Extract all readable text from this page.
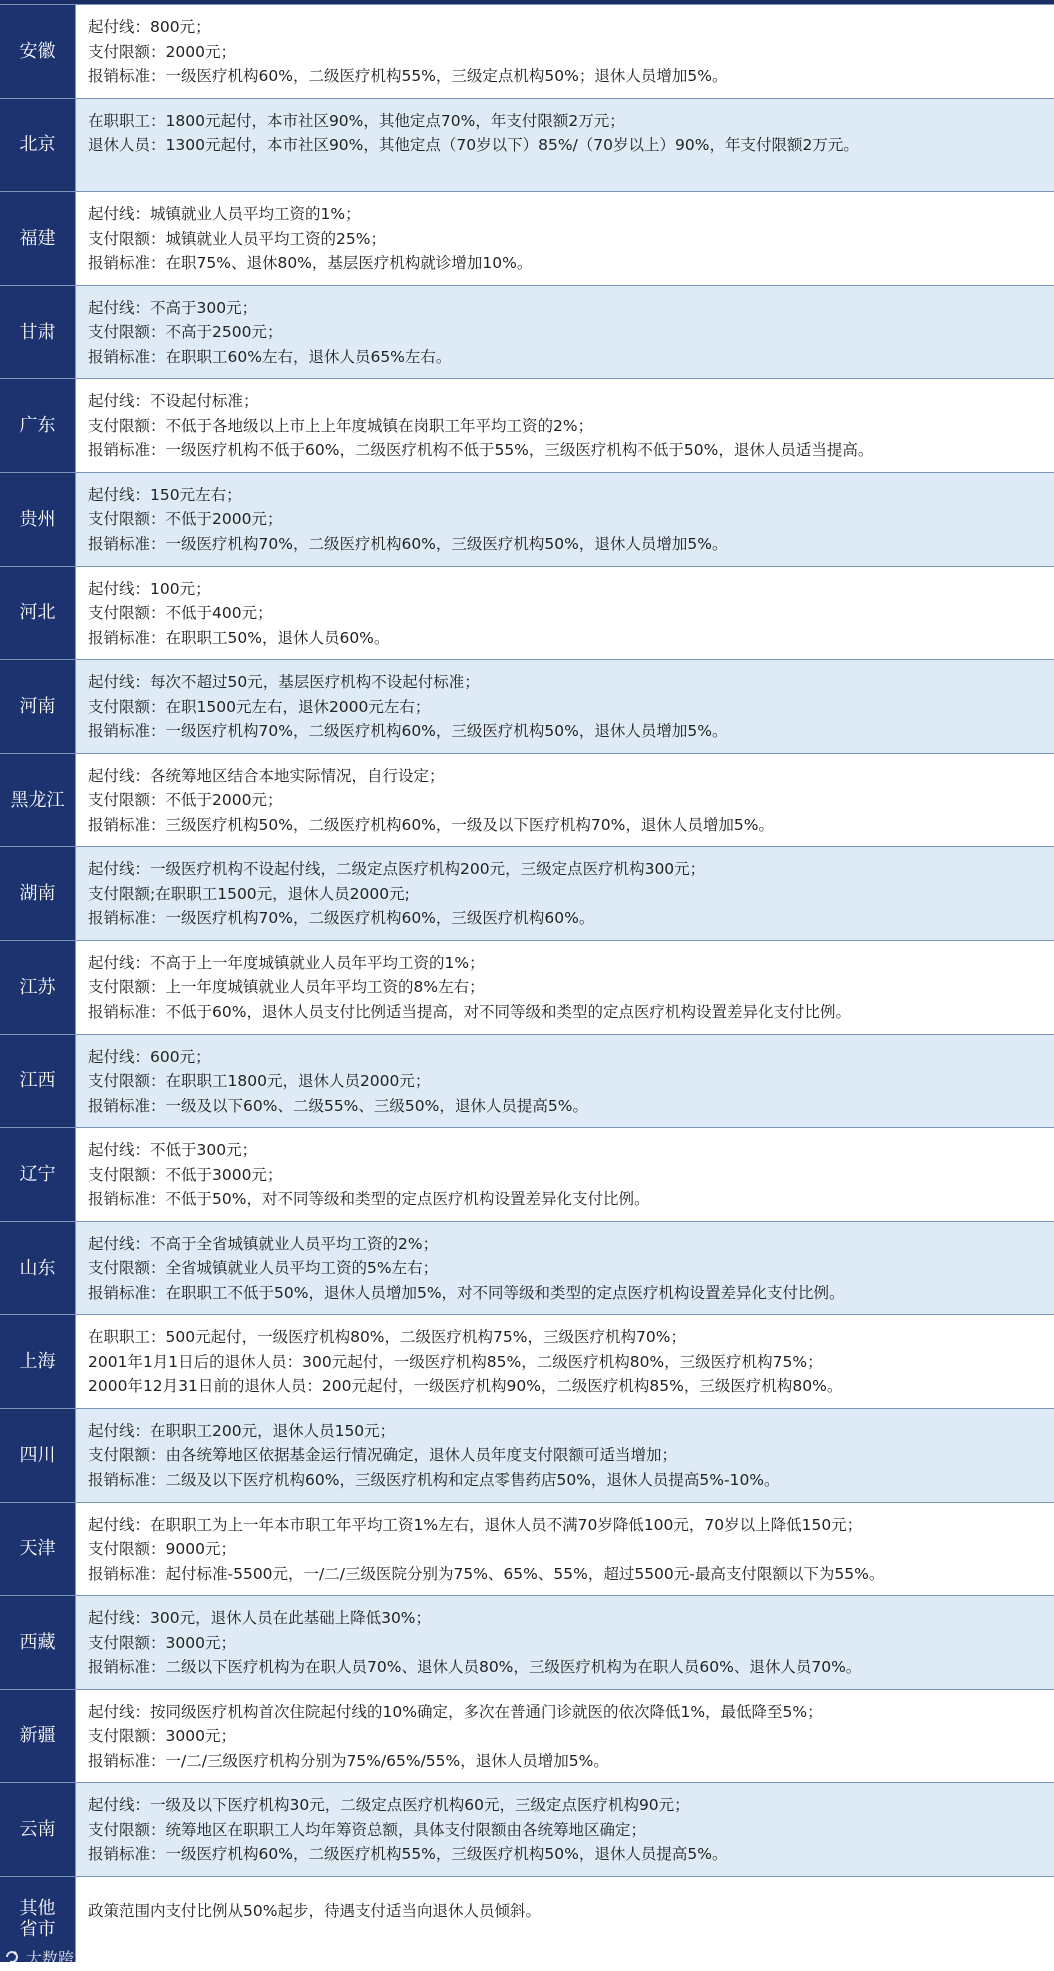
安徽
起付线：800元；
支付限额：2000元；
报销标准：一级医疗机构60%，二级医疗机构55%，三级定点机构50%；退休人员增加5%。
北京
在职职工：1800元起付，本市社区90%，其他定点70%，年支付限额2万元；
退休人员：1300元起付，本市社区90%，其他定点（70岁以下）85%/（70岁以上）90%，年支付限额2万元。
福建
起付线：城镇就业人员平均工资的1%；
支付限额：城镇就业人员平均工资的25%；
报销标准：在职75%、退休80%，基层医疗机构就诊增加10%。
甘肃
起付线：不高于300元；
支付限额：不高于2500元；
报销标准：在职职工60%左右，退休人员65%左右。
广东
起付线：不设起付标准；
支付限额：不低于各地级以上市上上年度城镇在岗职工年平均工资的2%；
报销标准：一级医疗机构不低于60%，二级医疗机构不低于55%，三级医疗机构不低于50%，退休人员适当提高。
贵州
起付线：150元左右；
支付限额：不低于2000元；
报销标准：一级医疗机构70%，二级医疗机构60%，三级医疗机构50%，退休人员增加5%。
河北
起付线：100元；
支付限额：不低于400元；
报销标准：在职职工50%，退休人员60%。
河南
起付线：每次不超过50元，基层医疗机构不设起付标准；
支付限额：在职1500元左右，退休2000元左右；
报销标准：一级医疗机构70%，二级医疗机构60%，三级医疗机构50%，退休人员增加5%。
黑龙江
起付线：各统筹地区结合本地实际情况，自行设定；
支付限额：不低于2000元；
报销标准：三级医疗机构50%，二级医疗机构60%，一级及以下医疗机构70%，退休人员增加5%。
湖南
起付线：一级医疗机构不设起付线，二级定点医疗机构200元，三级定点医疗机构300元；
支付限额;在职职工1500元，退休人员2000元;
报销标准：一级医疗机构70%，二级医疗机构60%，三级医疗机构60%。
江苏
起付线：不高于上一年度城镇就业人员年平均工资的1%；
支付限额：上一年度城镇就业人员年平均工资的8%左右；
报销标准：不低于60%，退休人员支付比例适当提高，对不同等级和类型的定点医疗机构设置差异化支付比例。
江西
起付线：600元；
支付限额：在职职工1800元，退休人员2000元；
报销标准：一级及以下60%、二级55%、三级50%，退休人员提高5%。
辽宁
起付线：不低于300元；
支付限额：不低于3000元；
报销标准：不低于50%，对不同等级和类型的定点医疗机构设置差异化支付比例。
山东
起付线：不高于全省城镇就业人员平均工资的2%；
支付限额：全省城镇就业人员平均工资的5%左右；
报销标准：在职职工不低于50%，退休人员增加5%，对不同等级和类型的定点医疗机构设置差异化支付比例。
上海
在职职工：500元起付，一级医疗机构80%，二级医疗机构75%，三级医疗机构70%；
2001年1月1日后的退休人员：300元起付，一级医疗机构85%，二级医疗机构80%，三级医疗机构75%；
2000年12月31日前的退休人员：200元起付，一级医疗机构90%，二级医疗机构85%，三级医疗机构80%。
四川
起付线：在职职工200元，退休人员150元；
支付限额：由各统筹地区依据基金运行情况确定，退休人员年度支付限额可适当增加；
报销标准：二级及以下医疗机构60%，三级医疗机构和定点零售药店50%，退休人员提高5%-10%。
天津
起付线：在职职工为上一年本市职工年平均工资1%左右，退休人员不满70岁降低100元，70岁以上降低150元；
支付限额：9000元；
报销标准：起付标准-5500元，一/二/三级医院分别为75%、65%、55%，超过5500元-最高支付限额以下为55%。
西藏
起付线：300元，退休人员在此基础上降低30%；
支付限额：3000元；
报销标准：二级以下医疗机构为在职人员70%、退休人员80%，三级医疗机构为在职人员60%、退休人员70%。
新疆
起付线：按同级医疗机构首次住院起付线的10%确定，多次在普通门诊就医的依次降低1%，最低降至5%；
支付限额：3000元；
报销标准：一/二/三级医疗机构分别为75%/65%/55%，退休人员增加5%。
云南
起付线：一级及以下医疗机构30元，二级定点医疗机构60元，三级定点医疗机构90元；
支付限额：统筹地区在职职工人均年筹资总额，具体支付限额由各统筹地区确定；
报销标准：一级医疗机构60%，二级医疗机构55%，三级医疗机构50%，退休人员提高5%。
其他
省市
政策范围内支付比例从50%起步，待遇支付适当向退休人员倾斜。
大数跨境
